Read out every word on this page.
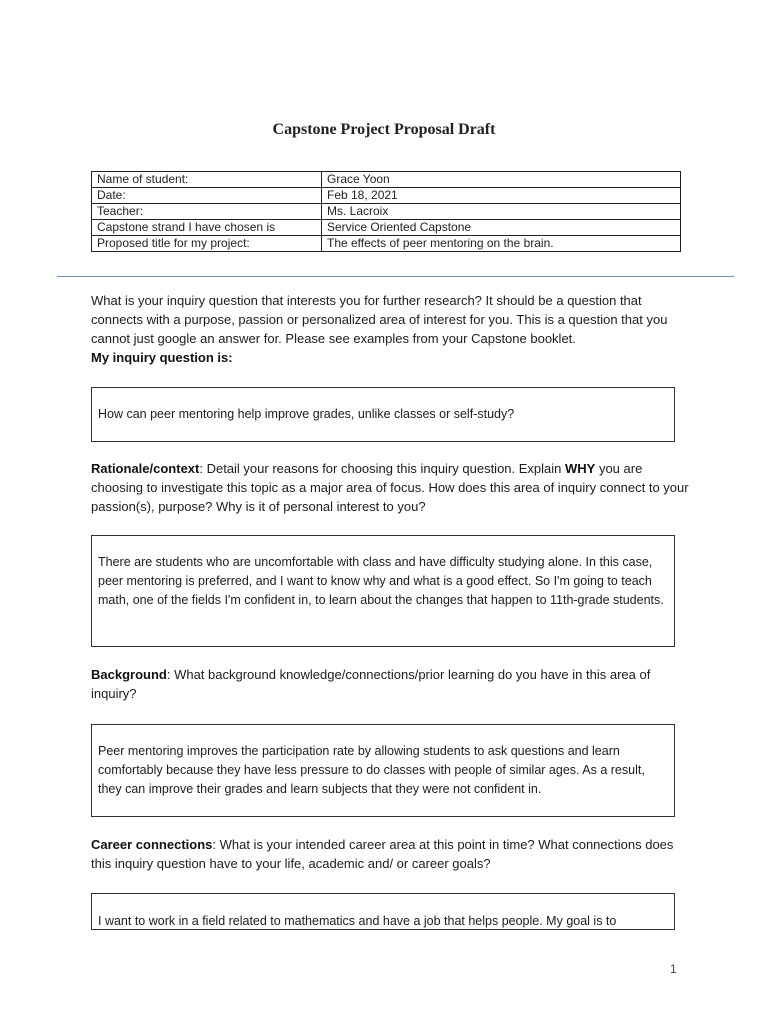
Capstone Project Proposal Draft
Name of student:	Grace Yoon
Date:	Feb 18, 2021
Teacher:	Ms. Lacroix
Capstone strand I have chosen is	Service Oriented Capstone
Proposed title for my project:	The effects of peer mentoring on the brain.
What is your inquiry question that interests you for further research? It should be a question that connects with a purpose, passion or personalized area of interest for you. This is a question that you cannot just google an answer for. Please see examples from your Capstone booklet.
My inquiry question is:
How can peer mentoring help improve grades, unlike classes or self-study?
Rationale/context: Detail your reasons for choosing this inquiry question. Explain WHY you are choosing to investigate this topic as a major area of focus. How does this area of inquiry connect to your passion(s), purpose? Why is it of personal interest to you?
There are students who are uncomfortable with class and have difficulty studying alone. In this case, peer mentoring is preferred, and I want to know why and what is a good effect. So I'm going to teach math, one of the fields I'm confident in, to learn about the changes that happen to 11th-grade students.
Background: What background knowledge/connections/prior learning do you have in this area of inquiry?
Peer mentoring improves the participation rate by allowing students to ask questions and learn comfortably because they have less pressure to do classes with people of similar ages. As a result, they can improve their grades and learn subjects that they were not confident in.
Career connections: What is your intended career area at this point in time? What connections does this inquiry question have to your life, academic and/ or career goals?
I want to work in a field related to mathematics and have a job that helps people. My goal is to
1
